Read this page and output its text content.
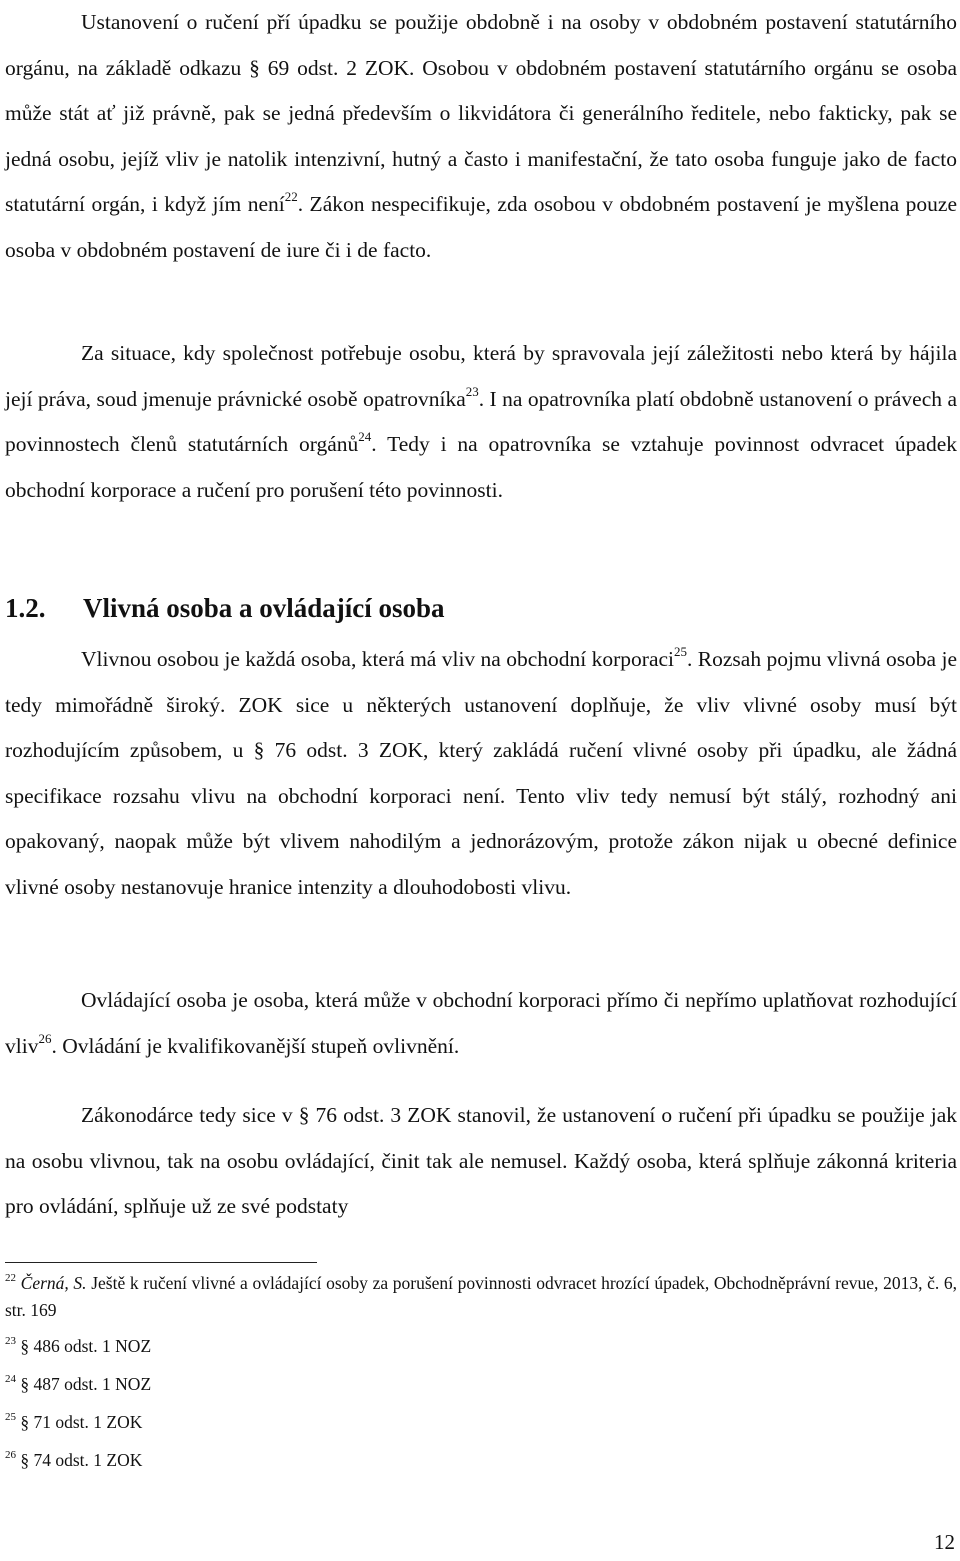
Ustanovení o ručení pří úpadku se použije obdobně i na osoby v obdobném postavení statutárního orgánu, na základě odkazu § 69 odst. 2 ZOK. Osobou v obdobném postavení statutárního orgánu se osoba může stát ať již právně, pak se jedná především o likvidátora či generálního ředitele, nebo fakticky, pak se jedná osobu, jejíž vliv je natolik intenzivní, hutný a často i manifestační, že tato osoba funguje jako de facto statutární orgán, i když jím není$^{22}$. Zákon nespecifikuje, zda osobou v obdobném postavení je myšlena pouze osoba v obdobném postavení de iure či i de facto.

Za situace, kdy společnost potřebuje osobu, která by spravovala její záležitosti nebo která by hájila její práva, soud jmenuje právnické osobě opatrovníka$^{23}$. I na opatrovníka platí obdobně ustanovení o právech a povinnostech členů statutárních orgánů$^{24}$. Tedy i na opatrovníka se vztahuje povinnost odvracet úpadek obchodní korporace a ručení pro porušení této povinnosti.

1.2. Vlivná osoba a ovládající osoba

Vlivnou osobou je každá osoba, která má vliv na obchodní korporaci$^{25}$. Rozsah pojmu vlivná osoba je tedy mimořádně široký. ZOK sice u některých ustanovení doplňuje, že vliv vlivné osoby musí být rozhodujícím způsobem, u § 76 odst. 3 ZOK, který zakládá ručení vlivné osoby při úpadku, ale žádná specifikace rozsahu vlivu na obchodní korporaci není. Tento vliv tedy nemusí být stálý, rozhodný ani opakovaný, naopak může být vlivem nahodilým a jednorázovým, protože zákon nijak u obecné definice vlivné osoby nestanovuje hranice intenzity a dlouhodobosti vlivu.

Ovládající osoba je osoba, která může v obchodní korporaci přímo či nepřímo uplatňovat rozhodující vliv$^{26}$. Ovládání je kvalifikovanější stupeň ovlivnění.

Zákonodárce tedy sice v § 76 odst. 3 ZOK stanovil, že ustanovení o ručení při úpadku se použije jak na osobu vlivnou, tak na osobu ovládající, činit tak ale nemusel. Každý osoba, která splňuje zákonná kriteria pro ovládání, splňuje už ze své podstaty

$^{22}$ Černá, S. Ještě k ručení vlivné a ovládající osoby za porušení povinnosti odvracet hrozící úpadek, Obchodněprávní revue, 2013, č. 6, str. 169

$^{23}$ § 486 odst. 1 NOZ

$^{24}$ § 487 odst. 1 NOZ

$^{25}$ § 71 odst. 1 ZOK

$^{26}$ § 74 odst. 1 ZOK

12
